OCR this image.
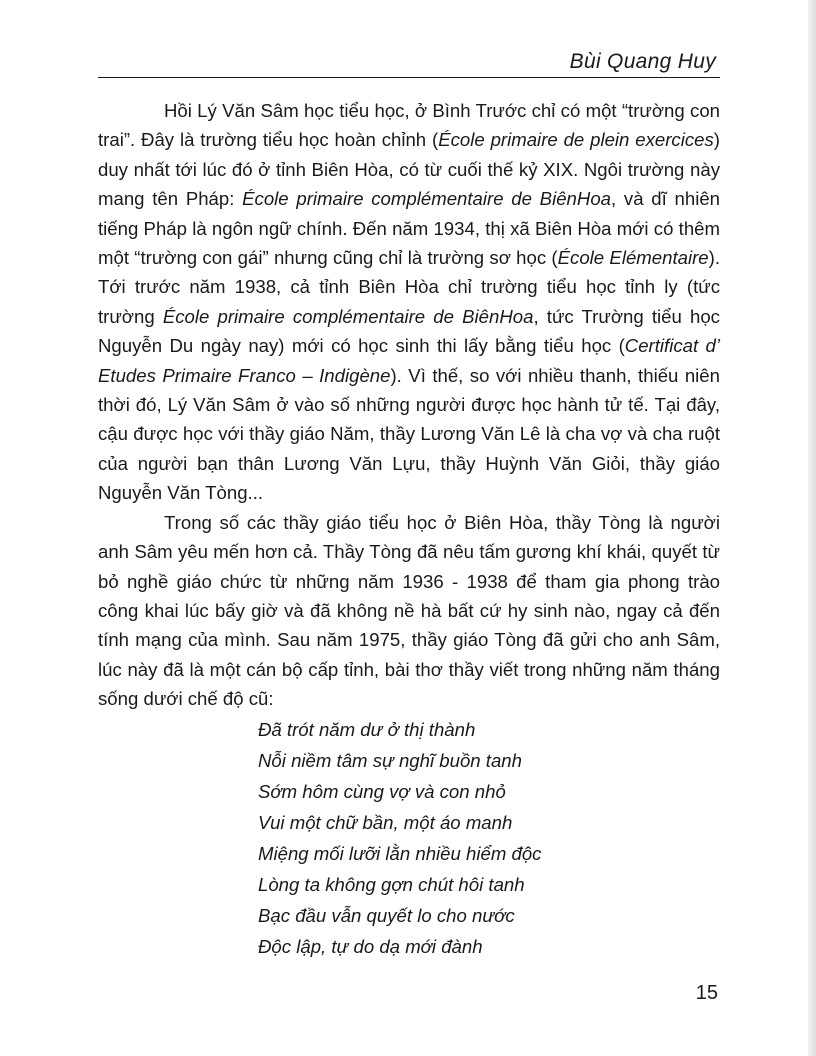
Bùi Quang Huy

Hồi Lý Văn Sâm học tiểu học, ở Bình Trước chỉ có một “trường con trai”. Đây là trường tiểu học hoàn chỉnh (École primaire de plein exercices) duy nhất tới lúc đó ở tỉnh Biên Hòa, có từ cuối thế kỷ XIX. Ngôi trường này mang tên Pháp: École primaire complémentaire de BiênHoa, và dĩ nhiên tiếng Pháp là ngôn ngữ chính. Đến năm 1934, thị xã Biên Hòa mới có thêm một “trường con gái” nhưng cũng chỉ là trường sơ học (École Elémentaire). Tới trước năm 1938, cả tỉnh Biên Hòa chỉ trường tiểu học tỉnh ly (tức trường École primaire complémentaire de BiênHoa, tức Trường tiểu học Nguyễn Du ngày nay) mới có học sinh thi lấy bằng tiểu học (Certificat d’ Etudes Primaire Franco – Indigène). Vì thế, so với nhiều thanh, thiếu niên thời đó, Lý Văn Sâm ở vào số những người được học hành tử tế. Tại đây, cậu được học với thầy giáo Năm, thầy Lương Văn Lê là cha vợ và cha ruột của người bạn thân Lương Văn Lựu, thầy Huỳnh Văn Giỏi, thầy giáo Nguyễn Văn Tòng...

Trong số các thầy giáo tiểu học ở Biên Hòa, thầy Tòng là người anh Sâm yêu mến hơn cả. Thầy Tòng đã nêu tấm gương khí khái, quyết từ bỏ nghề giáo chức từ những năm 1936 - 1938 để tham gia phong trào công khai lúc bấy giờ và đã không nề hà bất cứ hy sinh nào, ngay cả đến tính mạng của mình. Sau năm 1975, thầy giáo Tòng đã gửi cho anh Sâm, lúc này đã là một cán bộ cấp tỉnh, bài thơ thầy viết trong những năm tháng sống dưới chế độ cũ:

Đã trót năm dư ở thị thành
Nỗi niềm tâm sự nghĩ buồn tanh
Sớm hôm cùng vợ và con nhỏ
Vui một chữ bần, một áo manh
Miệng mối lưỡi lằn nhiều hiểm độc
Lòng ta không gợn chút hôi tanh
Bạc đầu vẫn quyết lo cho nước
Độc lập, tự do dạ mới đành
15
